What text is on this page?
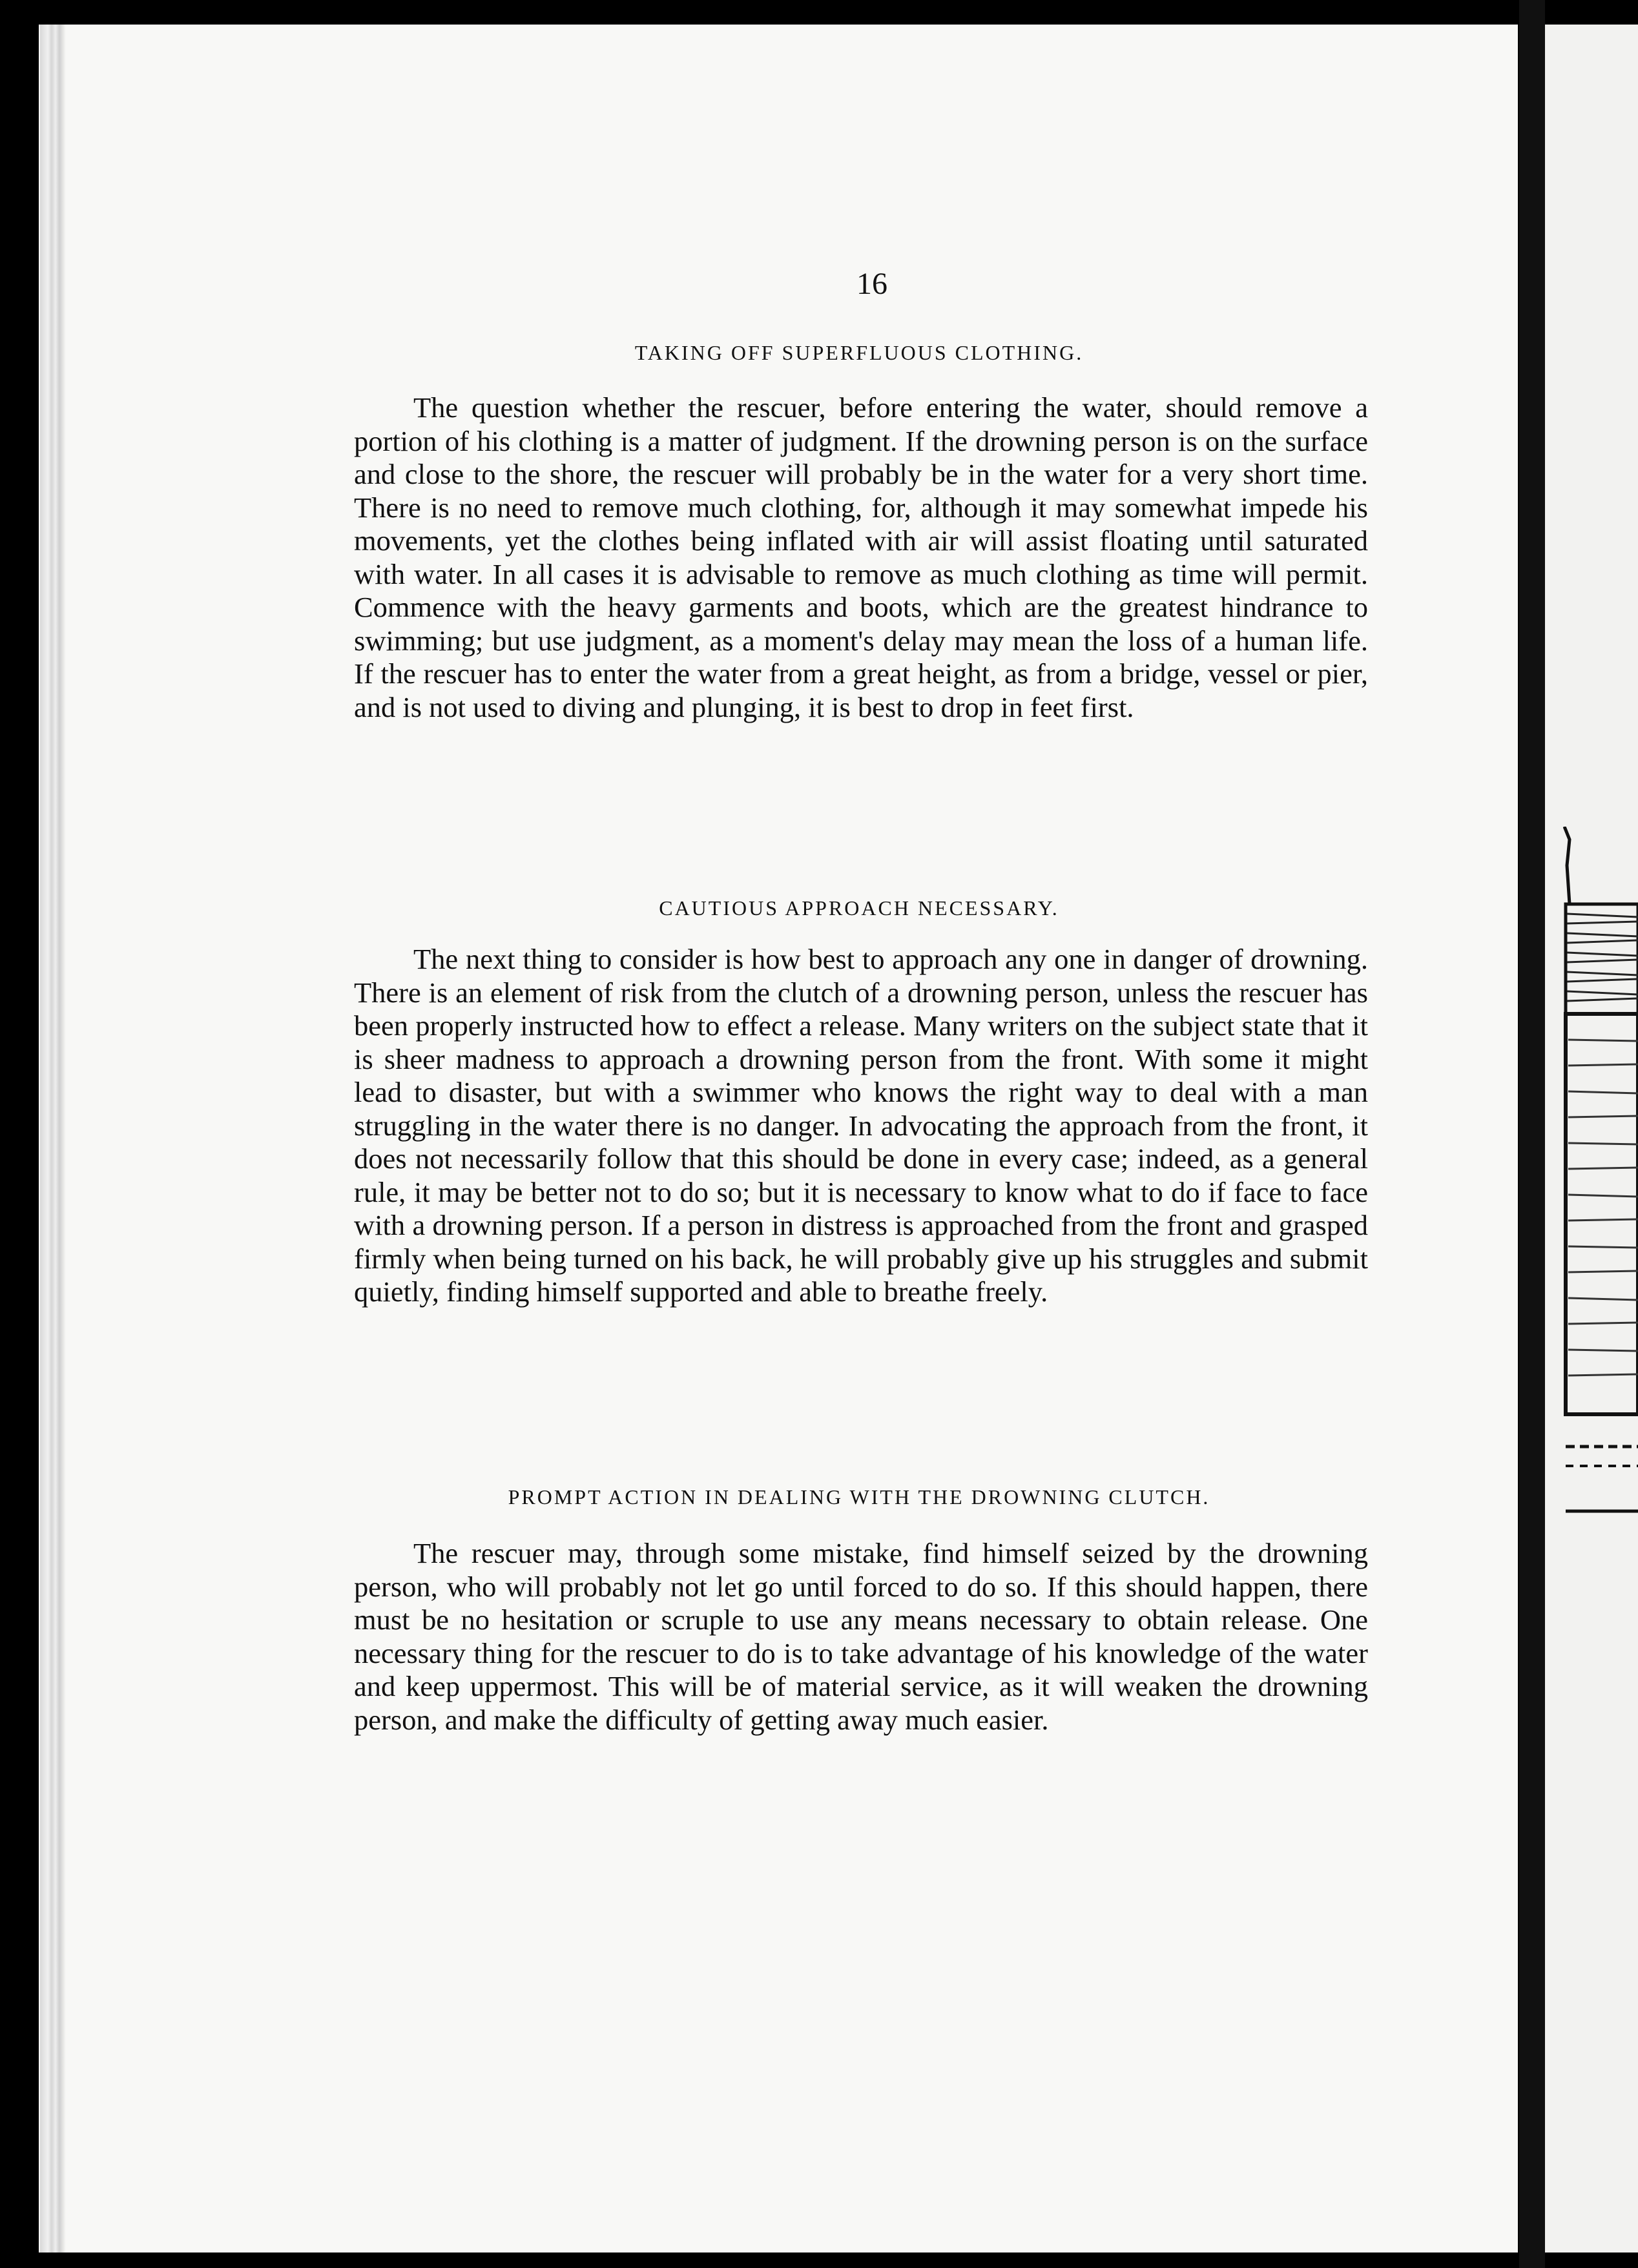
16
TAKING OFF SUPERFLUOUS CLOTHING.

The question whether the rescuer, before entering the water, should remove a portion of his clothing is a matter of judgment. If the drowning person is on the surface and close to the shore, the rescuer will probably be in the water for a very short time. There is no need to remove much clothing, for, although it may somewhat impede his movements, yet the clothes being inflated with air will assist floating until saturated with water. In all cases it is advisable to remove as much clothing as time will permit. Commence with the heavy garments and boots, which are the greatest hindrance to swimming; but use judgment, as a moment's delay may mean the loss of a human life. If the rescuer has to enter the water from a great height, as from a bridge, vessel or pier, and is not used to diving and plunging, it is best to drop in feet first.

CAUTIOUS APPROACH NECESSARY.

The next thing to consider is how best to approach any one in danger of drowning. There is an element of risk from the clutch of a drowning person, unless the rescuer has been properly instructed how to effect a release. Many writers on the subject state that it is sheer madness to approach a drowning person from the front. With some it might lead to disaster, but with a swimmer who knows the right way to deal with a man struggling in the water there is no danger. In advocating the approach from the front, it does not necessarily follow that this should be done in every case; indeed, as a general rule, it may be better not to do so; but it is necessary to know what to do if face to face with a drowning person. If a person in distress is approached from the front and grasped firmly when being turned on his back, he will probably give up his struggles and submit quietly, finding himself supported and able to breathe freely.

PROMPT ACTION IN DEALING WITH THE DROWNING CLUTCH.

The rescuer may, through some mistake, find himself seized by the drowning person, who will probably not let go until forced to do so. If this should happen, there must be no hesitation or scruple to use any means necessary to obtain release. One necessary thing for the rescuer to do is to take advantage of his knowledge of the water and keep uppermost. This will be of material service, as it will weaken the drowning person, and make the difficulty of getting away much easier.
